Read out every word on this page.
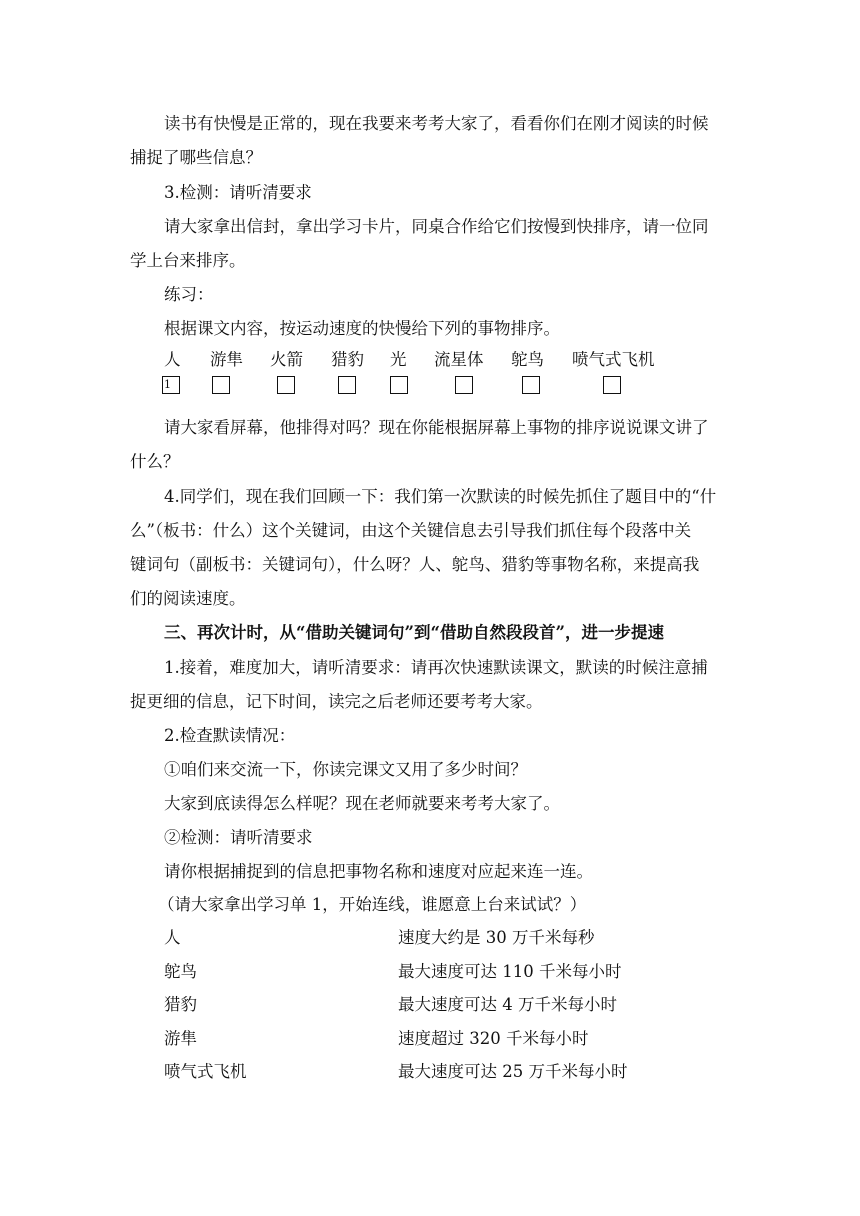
读书有快慢是正常的，现在我要来考考大家了，看看你们在刚才阅读的时候
捕捉了哪些信息？
3.检测：请听清要求
请大家拿出信封，拿出学习卡片，同桌合作给它们按慢到快排序，请一位同
学上台来排序。
练习：
根据课文内容，按运动速度的快慢给下列的事物排序。
人 游隼 火箭 猎豹 光 流星体 鸵鸟 喷气式飞机
1
请大家看屏幕，他排得对吗？现在你能根据屏幕上事物的排序说说课文讲了
什么？
4.同学们，现在我们回顾一下：我们第一次默读的时候先抓住了题目中的“什
么”（板书：什么）这个关键词，由这个关键信息去引导我们抓住每个段落中关
键词句（副板书：关键词句），什么呀？人、鸵鸟、猎豹等事物名称，来提高我
们的阅读速度。
三、再次计时，从“借助关键词句”到“借助自然段段首”，进一步提速
1.接着，难度加大，请听清要求：请再次快速默读课文，默读的时候注意捕
捉更细的信息，记下时间，读完之后老师还要考考大家。
2.检查默读情况：
①咱们来交流一下，你读完课文又用了多少时间？
大家到底读得怎么样呢？现在老师就要来考考大家了。
②检测：请听清要求
请你根据捕捉到的信息把事物名称和速度对应起来连一连。
（请大家拿出学习单 1，开始连线，谁愿意上台来试试？）
人	速度大约是 30 万千米每秒
鸵鸟	最大速度可达 110 千米每小时
猎豹	最大速度可达 4 万千米每小时
游隼	速度超过 320 千米每小时
喷气式飞机	最大速度可达 25 万千米每小时
